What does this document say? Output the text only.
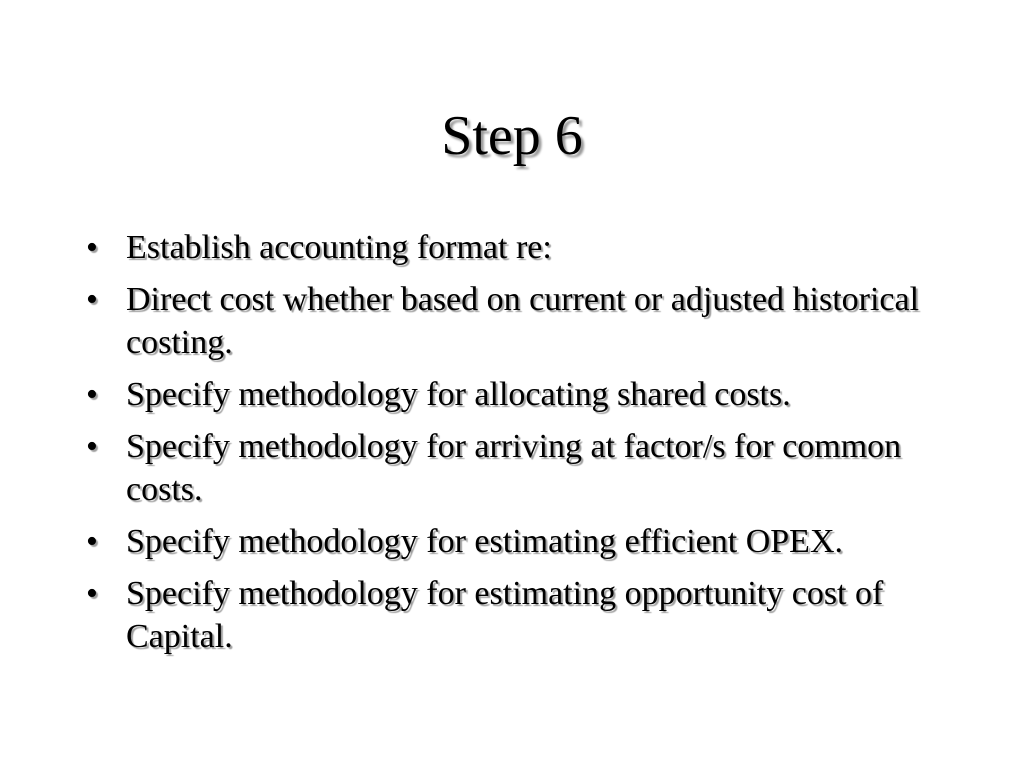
Step 6
• Establish accounting format re:
• Direct cost whether based on current or adjusted historical costing.
• Specify methodology for allocating shared costs.
• Specify methodology for arriving at factor/s for common costs.
• Specify methodology for estimating efficient OPEX.
• Specify methodology for estimating opportunity cost of Capital.
